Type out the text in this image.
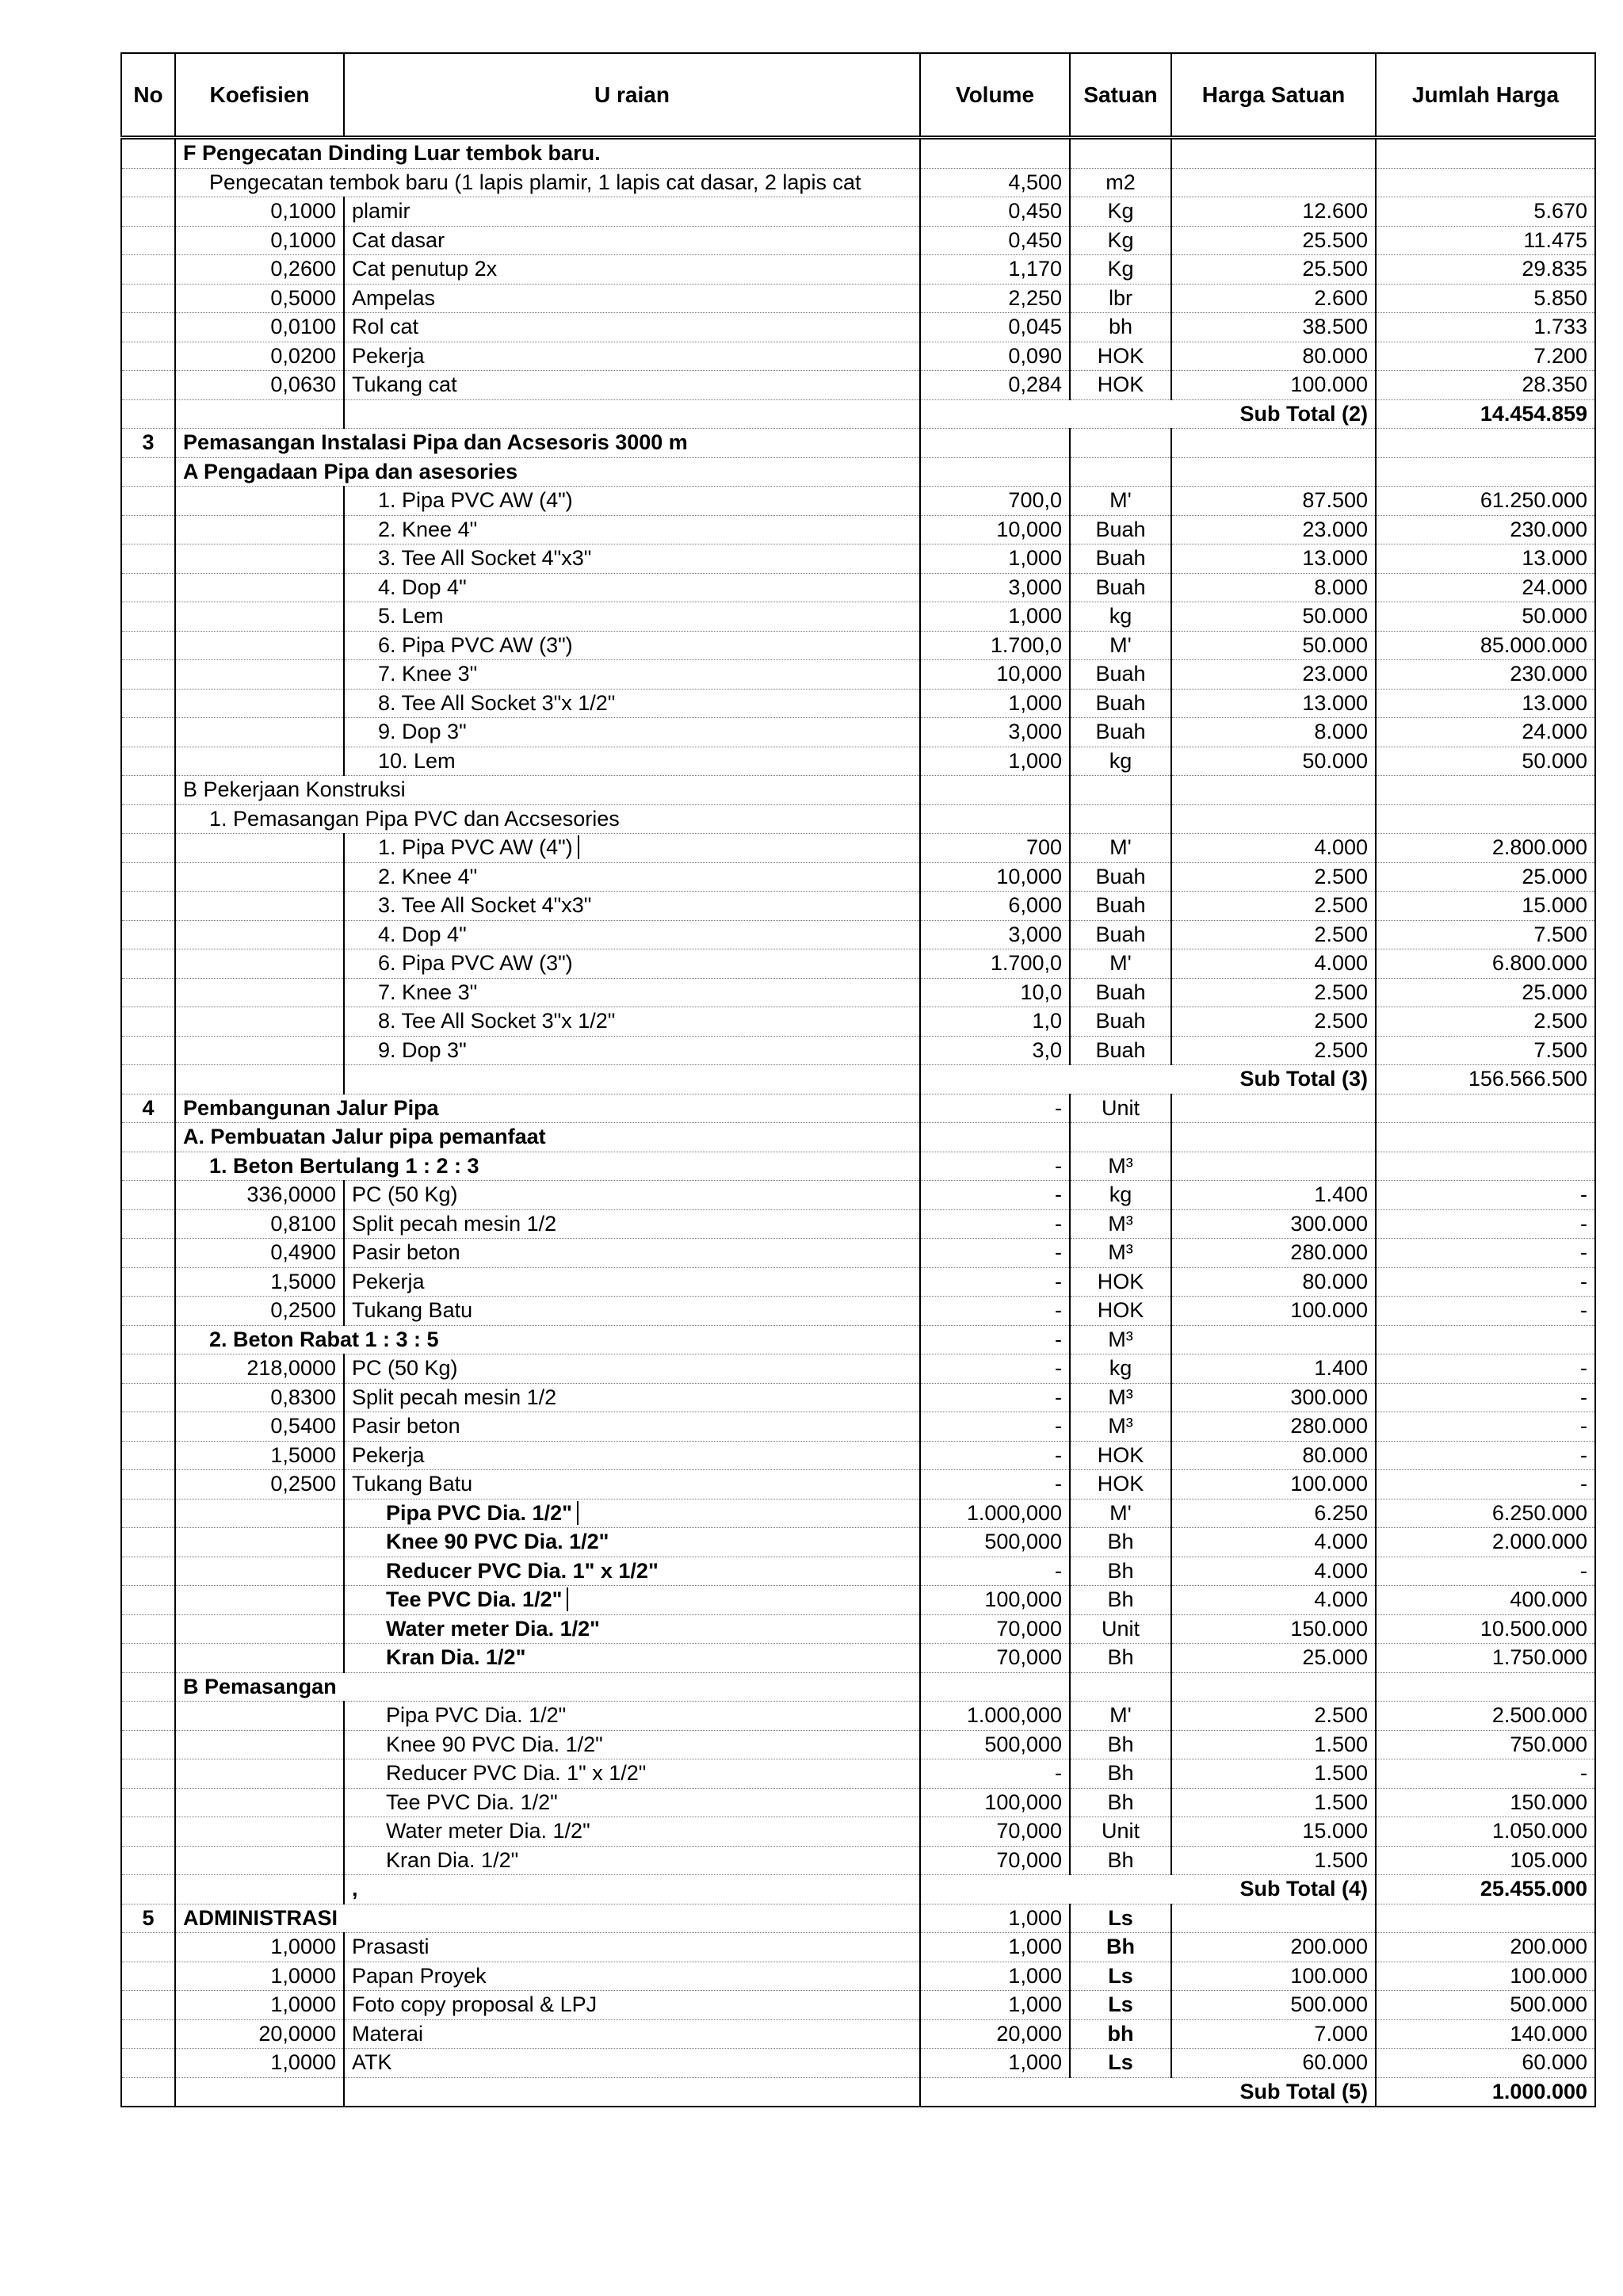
No	Koefisien	U raian	Volume	Satuan	Harga Satuan	Jumlah Harga
	F Pengecatan Dinding Luar tembok baru.					
	Pengecatan tembok baru (1 lapis plamir, 1 lapis cat dasar, 2 lapis cat		4,500	m2		
	0,1000	plamir	0,450	Kg	12.600	5.670
	0,1000	Cat dasar	0,450	Kg	25.500	11.475
	0,2600	Cat penutup 2x	1,170	Kg	25.500	29.835
	0,5000	Ampelas	2,250	lbr	2.600	5.850
	0,0100	Rol cat	0,045	bh	38.500	1.733
	0,0200	Pekerja	0,090	HOK	80.000	7.200
	0,0630	Tukang cat	0,284	HOK	100.000	28.350
			Sub Total (2)			14.454.859
3	Pemasangan Instalasi Pipa dan Acsesoris 3000 m					
	A Pengadaan Pipa dan asesories					
		1. Pipa PVC AW (4")	700,0	M'	87.500	61.250.000
		2. Knee 4"	10,000	Buah	23.000	230.000
		3. Tee All Socket 4"x3"	1,000	Buah	13.000	13.000
		4. Dop 4"	3,000	Buah	8.000	24.000
		5. Lem	1,000	kg	50.000	50.000
		6. Pipa PVC AW (3")	1.700,0	M'	50.000	85.000.000
		7. Knee 3"	10,000	Buah	23.000	230.000
		8. Tee All Socket 3"x 1/2"	1,000	Buah	13.000	13.000
		9. Dop 3"	3,000	Buah	8.000	24.000
		10. Lem	1,000	kg	50.000	50.000
	B Pekerjaan Konstruksi					
	1. Pemasangan Pipa PVC dan Accsesories					
		1. Pipa PVC AW (4")	700	M'	4.000	2.800.000
		2. Knee 4"	10,000	Buah	2.500	25.000
		3. Tee All Socket 4"x3"	6,000	Buah	2.500	15.000
		4. Dop 4"	3,000	Buah	2.500	7.500
		6. Pipa PVC AW (3")	1.700,0	M'	4.000	6.800.000
		7. Knee 3"	10,0	Buah	2.500	25.000
		8. Tee All Socket 3"x 1/2"	1,0	Buah	2.500	2.500
		9. Dop 3"	3,0	Buah	2.500	7.500
			Sub Total (3)			156.566.500
4	Pembangunan Jalur Pipa		-	Unit		
	A. Pembuatan Jalur pipa pemanfaat					
	1. Beton Bertulang 1 : 2 : 3		-	M³		
	336,0000	PC (50 Kg)	-	kg	1.400	-
	0,8100	Split pecah mesin 1/2	-	M³	300.000	-
	0,4900	Pasir beton	-	M³	280.000	-
	1,5000	Pekerja	-	HOK	80.000	-
	0,2500	Tukang Batu	-	HOK	100.000	-
	2. Beton Rabat 1 : 3 : 5		-	M³		
	218,0000	PC (50 Kg)	-	kg	1.400	-
	0,8300	Split pecah mesin 1/2	-	M³	300.000	-
	0,5400	Pasir beton	-	M³	280.000	-
	1,5000	Pekerja	-	HOK	80.000	-
	0,2500	Tukang Batu	-	HOK	100.000	-
		Pipa PVC Dia. 1/2"	1.000,000	M'	6.250	6.250.000
		Knee 90 PVC Dia. 1/2"	500,000	Bh	4.000	2.000.000
		Reducer PVC Dia. 1" x 1/2"	-	Bh	4.000	-
		Tee PVC Dia. 1/2"	100,000	Bh	4.000	400.000
		Water meter Dia. 1/2"	70,000	Unit	150.000	10.500.000
		Kran Dia. 1/2"	70,000	Bh	25.000	1.750.000
	B Pemasangan					
		Pipa PVC Dia. 1/2"	1.000,000	M'	2.500	2.500.000
		Knee 90 PVC Dia. 1/2"	500,000	Bh	1.500	750.000
		Reducer PVC Dia. 1" x 1/2"	-	Bh	1.500	-
		Tee PVC Dia. 1/2"	100,000	Bh	1.500	150.000
		Water meter Dia. 1/2"	70,000	Unit	15.000	1.050.000
		Kran Dia. 1/2"	70,000	Bh	1.500	105.000
		,	Sub Total (4)			25.455.000
5	ADMINISTRASI		1,000	Ls		
	1,0000	Prasasti	1,000	Bh	200.000	200.000
	1,0000	Papan Proyek	1,000	Ls	100.000	100.000
	1,0000	Foto copy proposal & LPJ	1,000	Ls	500.000	500.000
	20,0000	Materai	20,000	bh	7.000	140.000
	1,0000	ATK	1,000	Ls	60.000	60.000
			Sub Total (5)			1.000.000
